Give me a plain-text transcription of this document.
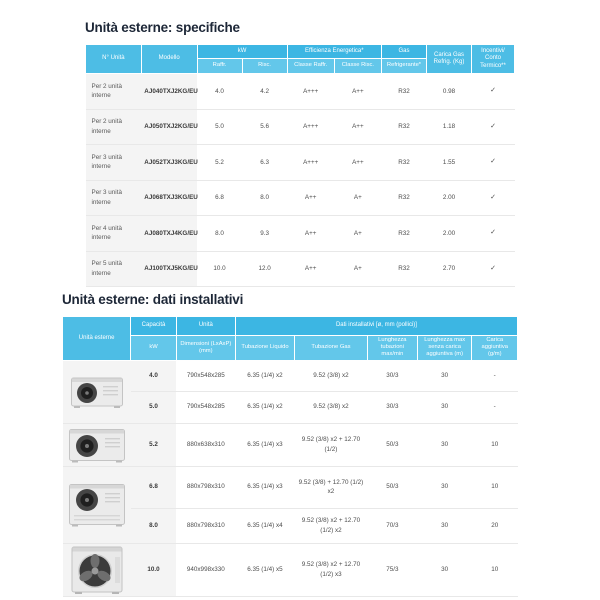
Unità esterne: specifiche
N° Unità	Modello	kW		Efficienza Energetica*		Gas	Carica Gas Refrig. (Kg)	Incentivi/ Conto Termico**
		Raffr.	Risc.	Classe Raffr.	Classe Risc.	Refrigerante*		
Per 2 unità interne	AJ040TXJ2KG/EU	4.0	4.2	A+++	A++	R32	0.98	✓
Per 2 unità interne	AJ050TXJ2KG/EU	5.0	5.6	A+++	A++	R32	1.18	✓
Per 3 unità interne	AJ052TXJ3KG/EU	5.2	6.3	A+++	A++	R32	1.55	✓
Per 3 unità interne	AJ068TXJ3KG/EU	6.8	8.0	A++	A+	R32	2.00	✓
Per 4 unità interne	AJ080TXJ4KG/EU	8.0	9.3	A++	A+	R32	2.00	✓
Per 5 unità interne	AJ100TXJ5KG/EU	10.0	12.0	A++	A+	R32	2.70	✓
Unità esterne: dati installativi
Unità esterne	Capacità	Unità	Dati installativi [ø, mm (pollici)]				
	kW	Dimensioni (LxAxP) (mm)	Tubazione Liquido	Tubazione Gas	Lunghezza tubazioni max/min	Lunghezza max senza carica aggiuntiva (m)	Carica aggiuntiva (g/m)

	4.0	790x548x285	6.35 (1/4) x2	9.52 (3/8) x2	30/3	30	-
	5.0	790x548x285	6.35 (1/4) x2	9.52 (3/8) x2	30/3	30	-

	5.2	880x638x310	6.35 (1/4) x3	9.52 (3/8) x2 + 12.70 (1/2)	50/3	30	10

	6.8	880x798x310	6.35 (1/4) x3	9.52 (3/8) + 12.70 (1/2) x2	50/3	30	10
	8.0	880x798x310	6.35 (1/4) x4	9.52 (3/8) x2 + 12.70 (1/2) x2	70/3	30	20

	10.0	940x998x330	6.35 (1/4) x5	9.52 (3/8) x2 + 12.70 (1/2) x3	75/3	30	10
